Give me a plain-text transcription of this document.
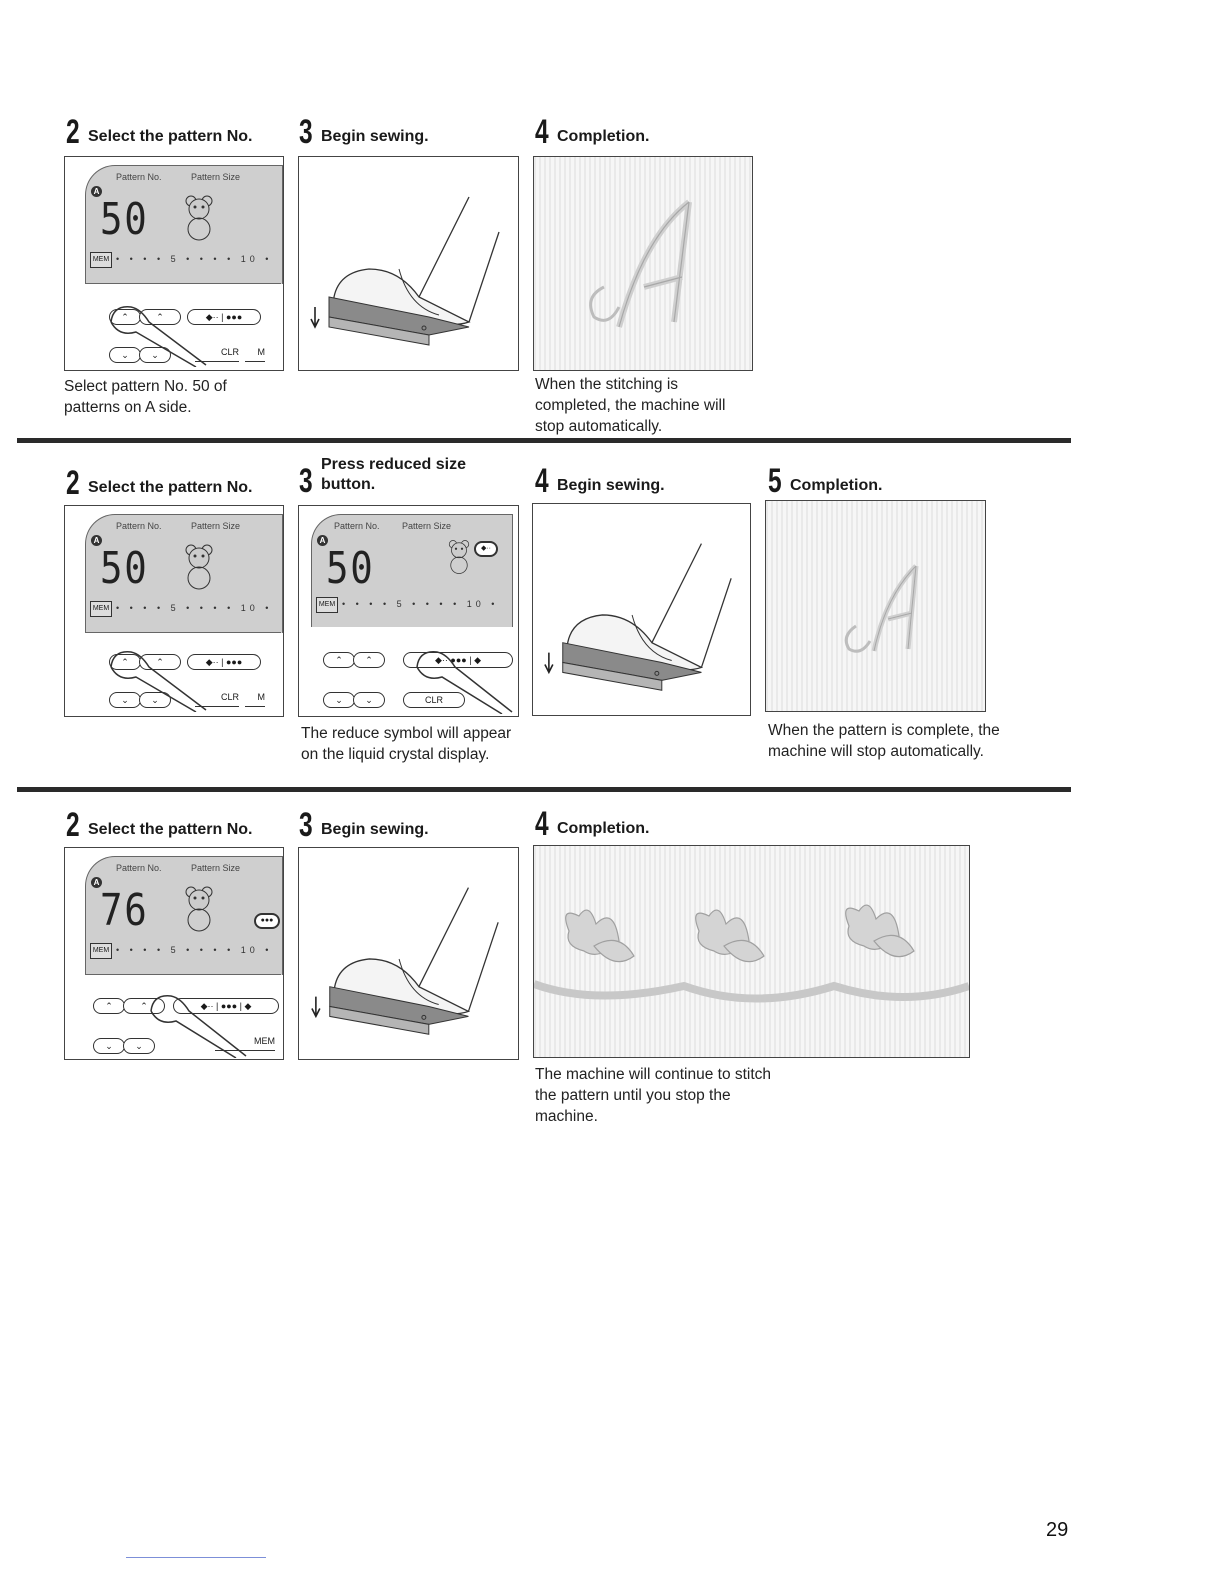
2 Select the pattern No. 3 Begin sewing.	4 Completion.
Pattern No.	Pattern Size
A
50
MEM • • • • 5 • • • • 10 •
⌃	⌃	◆·· | ●●●
⌄	⌄	CLR	M
Select pattern No. 50 of patterns on A side.
When the stitching is completed, the machine will stop automatically.
2 Select the pattern No. 3 Press reduced size
button.	4 Begin sewing.	5 Completion.
Pattern No.	Pattern Size
A
50
MEM • • • • 5 • • • • 10 •
⌃	⌃	◆·· | ●●●
⌄	⌄	CLR	M
Pattern No. Pattern Size
A
50	◆··
MEM • • • • 5 • • • • 10 •
⌃	⌃	◆·· ●●● | ◆
⌄	⌄	CLR
The reduce symbol will appear on the liquid crystal display.
When the pattern is complete, the machine will stop automatically.
2 Select the pattern No. 3 Begin sewing.	4 Completion.
Pattern No.	Pattern Size
A
76	●●●
MEM • • • • 5 • • • • 10 •
⌃	⌃	◆·· | ●●● | ◆
⌄	⌄	MEM
The machine will continue to stitch the pattern until you stop the machine.
29
